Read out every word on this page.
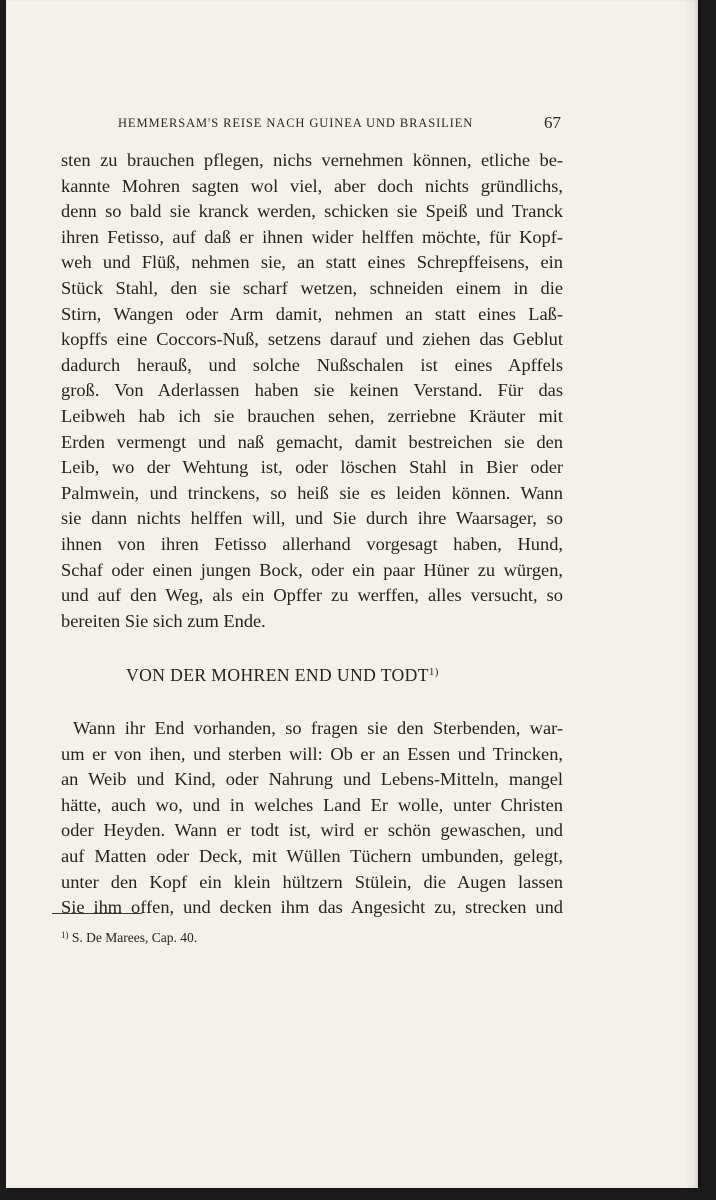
HEMMERSAM'S REISE NACH GUINEA UND BRASILIEN	67

sten zu brauchen pflegen, nichs vernehmen können, etliche be-
kannte Mohren sagten wol viel, aber doch nichts gründlichs,
denn so bald sie kranck werden, schicken sie Speiß und Tranck
ihren Fetisso, auf daß er ihnen wider helffen möchte, für Kopf-
weh und Flüß, nehmen sie, an statt eines Schrepffeisens, ein
Stück Stahl, den sie scharf wetzen, schneiden einem in die
Stirn, Wangen oder Arm damit, nehmen an statt eines Laß-
kopffs eine Coccors-Nuß, setzens darauf und ziehen das Geblut
dadurch herauß, und solche Nußschalen ist eines Apffels
groß. Von Aderlassen haben sie keinen Verstand. Für das
Leibweh hab ich sie brauchen sehen, zerriebne Kräuter mit
Erden vermengt und naß gemacht, damit bestreichen sie den
Leib, wo der Wehtung ist, oder löschen Stahl in Bier oder
Palmwein, und trinckens, so heiß sie es leiden können. Wann
sie dann nichts helffen will, und Sie durch ihre Waarsager, so
ihnen von ihren Fetisso allerhand vorgesagt haben, Hund,
Schaf oder einen jungen Bock, oder ein paar Hüner zu würgen,
und auf den Weg, als ein Opffer zu werffen, alles versucht, so
bereiten Sie sich zum Ende.

VON DER MOHREN END UND TODT$^{1)}$

Wann ihr End vorhanden, so fragen sie den Sterbenden, war-
um er von ihen, und sterben will: Ob er an Essen und Trincken,
an Weib und Kind, oder Nahrung und Lebens-Mitteln, mangel
hätte, auch wo, und in welches Land Er wolle, unter Christen
oder Heyden. Wann er todt ist, wird er schön gewaschen, und
auf Matten oder Deck, mit Wüllen Tüchern umbunden, gelegt,
unter den Kopf ein klein hültzern Stülein, die Augen lassen
Sie ihm offen, und decken ihm das Angesicht zu, strecken und

$^{1)}$ S. De Marees, Cap. 40.
